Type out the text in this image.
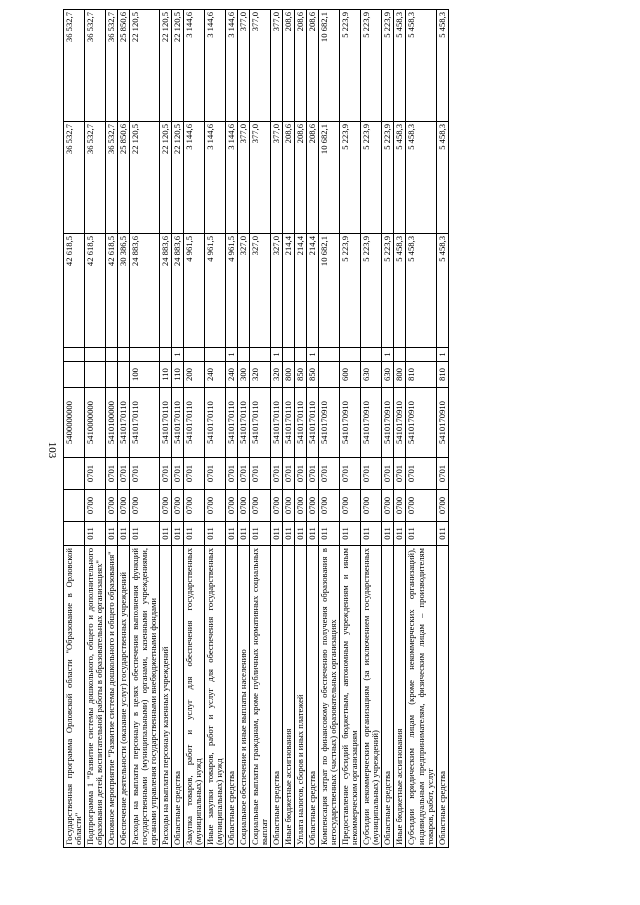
103
Государственная программа Орловской области "Образование в Орловской области"				5400000000			42 618,5	36 532,7	36 532,7
Подпрограмма 1 "Развитие системы дошкольного, общего и дополнительного образования детей, воспитательной работы в образовательных организациях"	011	0700	0701	5410000000			42 618,5	36 532,7	36 532,7
Основное мероприятие "Развитие системы дошкольного и общего образования"	011	0700	0701	5410100000			42 618,5	36 532,7	36 532,7
Обеспечение деятельности (оказание услуг) государственных учреждений	011	0700	0701	5410170110			30 386,5	25 850,6	25 850,6
Расходы на выплаты персоналу в целях обеспечения выполнения функций государственными (муниципальными) органами, казенными учреждениями, органами управления государственными внебюджетными фондами	011	0700	0701	5410170110	100		24 883,6	22 120,5	22 120,5
Расходы на выплаты персоналу казенных учреждений	011	0700	0701	5410170110	110		24 883,6	22 120,5	22 120,5
Областные средства	011	0700	0701	5410170110	110	1	24 883,6	22 120,5	22 120,5
Закупка товаров, работ и услуг для обеспечения государственных (муниципальных) нужд	011	0700	0701	5410170110	200		4 961,5	3 144,6	3 144,6
Иные закупки товаров, работ и услуг для обеспечения государственных (муниципальных) нужд	011	0700	0701	5410170110	240		4 961,5	3 144,6	3 144,6
Областные средства	011	0700	0701	5410170110	240	1	4 961,5	3 144,6	3 144,6
Социальное обеспечение и иные выплаты населению	011	0700	0701	5410170110	300		327,0	377,0	377,0
Социальные выплаты гражданам, кроме публичных нормативных социальных выплат	011	0700	0701	5410170110	320		327,0	377,0	377,0
Областные средства	011	0700	0701	5410170110	320	1	327,0	377,0	377,0
Иные бюджетные ассигнования	011	0700	0701	5410170110	800		214,4	208,6	208,6
Уплата налогов, сборов и иных платежей	011	0700	0701	5410170110	850		214,4	208,6	208,6
Областные средства	011	0700	0701	5410170110	850	1	214,4	208,6	208,6
Компенсация затрат по финансовому обеспечению получения образования в негосударственных (частных) образовательных организациях	011	0700	0701	5410170910			10 682,1	10 682,1	10 682,1
Предоставление субсидий бюджетным, автономным учреждениям и иным некоммерческим организациям	011	0700	0701	5410170910	600		5 223,9	5 223,9	5 223,9
Субсидии некоммерческим организациям (за исключением государственных (муниципальных) учреждений)	011	0700	0701	5410170910	630		5 223,9	5 223,9	5 223,9
Областные средства	011	0700	0701	5410170910	630	1	5 223,9	5 223,9	5 223,9
Иные бюджетные ассигнования	011	0700	0701	5410170910	800		5 458,3	5 458,3	5 458,3
Субсидии юридическим лицам (кроме некоммерческих организаций), индивидуальным предпринимателям, физическим лицам – производителям товаров, работ, услуг	011	0700	0701	5410170910	810		5 458,3	5 458,3	5 458,3
Областные средства	011	0700	0701	5410170910	810	1	5 458,3	5 458,3	5 458,3
